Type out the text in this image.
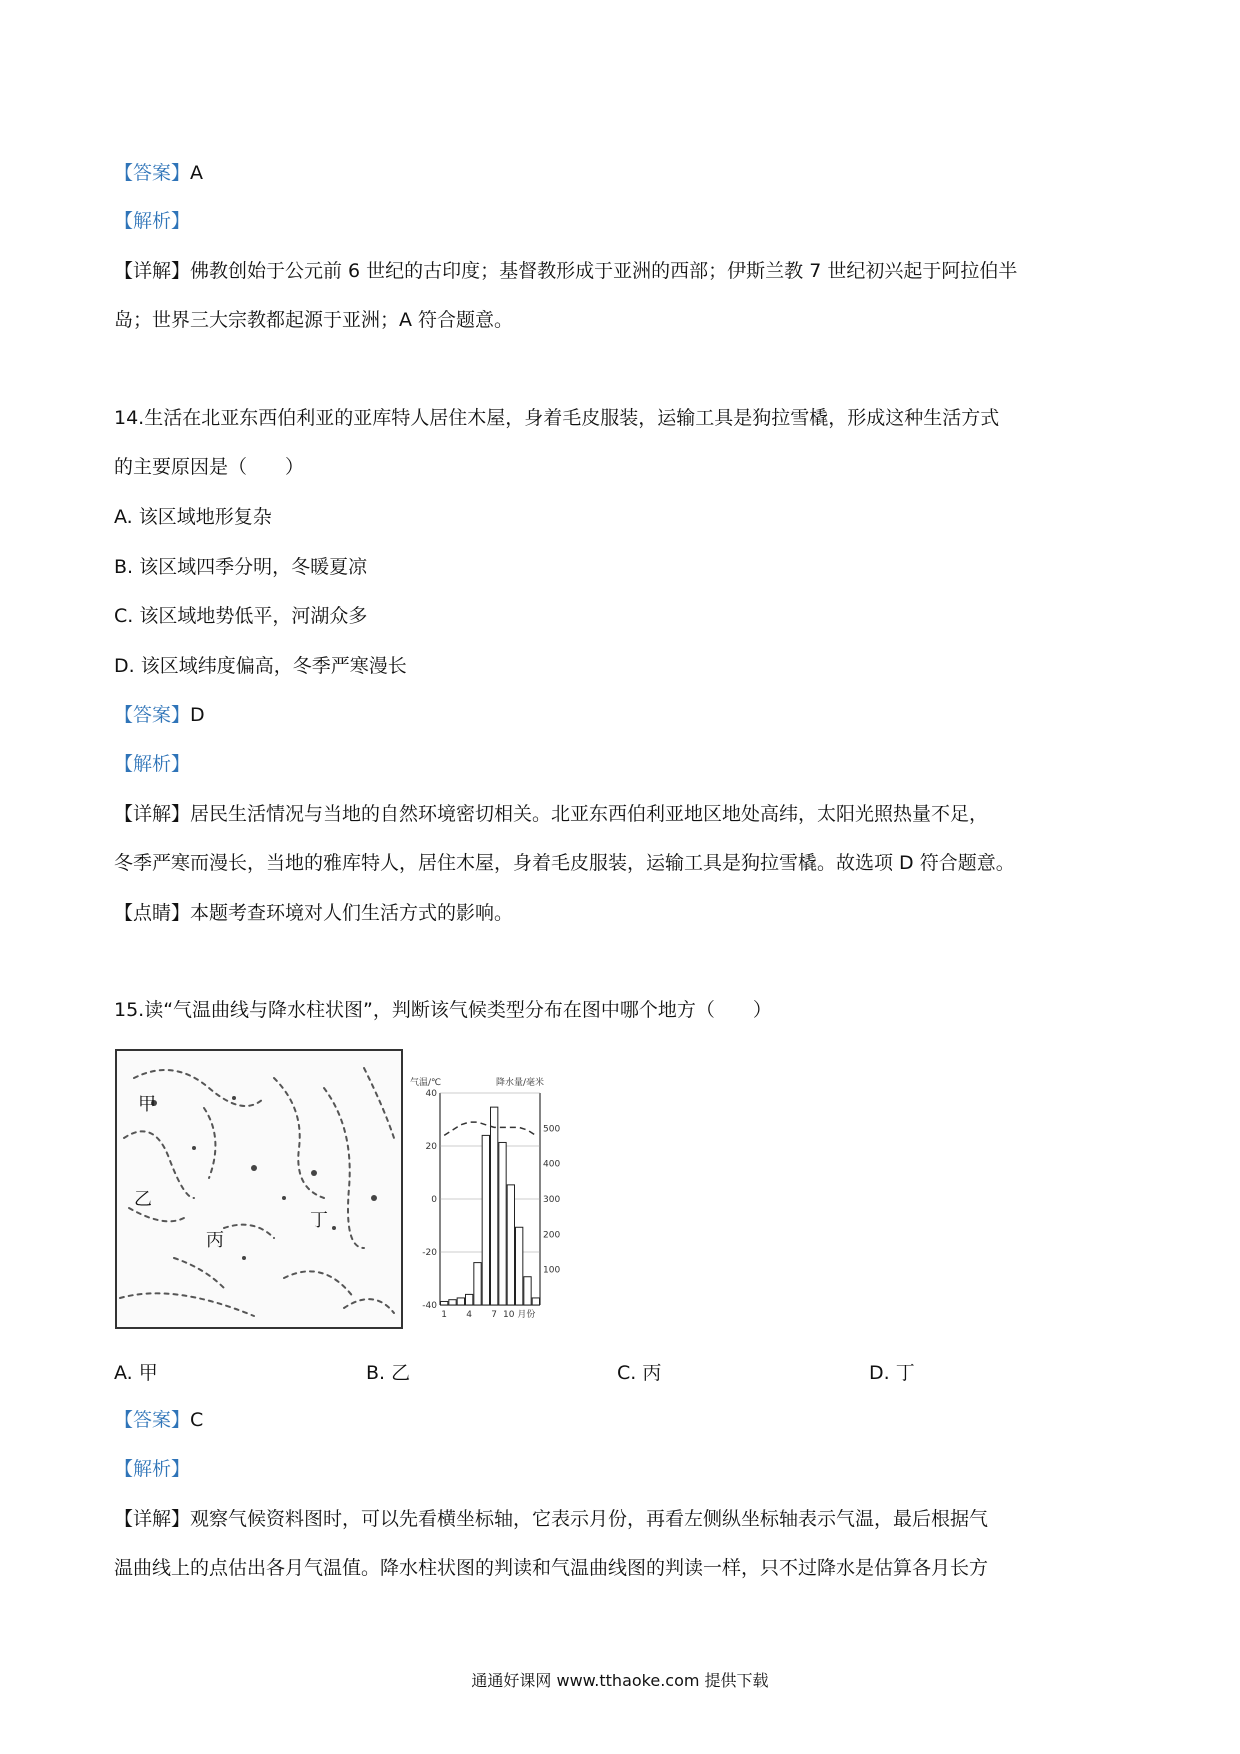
【答案】A
【解析】
【详解】佛教创始于公元前 6 世纪的古印度；基督教形成于亚洲的西部；伊斯兰教 7 世纪初兴起于阿拉伯半
岛；世界三大宗教都起源于亚洲；A 符合题意。
14.生活在北亚东西伯利亚的亚库特人居住木屋，身着毛皮服装，运输工具是狗拉雪橇，形成这种生活方式
的主要原因是（　　）
A. 该区域地形复杂
B. 该区域四季分明，冬暖夏凉
C. 该区域地势低平，河湖众多
D. 该区域纬度偏高，冬季严寒漫长
【答案】D
【解析】
【详解】居民生活情况与当地的自然环境密切相关。北亚东西伯利亚地区地处高纬，太阳光照热量不足，
冬季严寒而漫长，当地的雅库特人，居住木屋，身着毛皮服装，运输工具是狗拉雪橇。故选项 D 符合题意。
【点睛】本题考查环境对人们生活方式的影响。
15.读“气温曲线与降水柱状图”，判断该气候类型分布在图中哪个地方（　　）
甲
乙
丙
丁
气温/℃	降水量/毫米
40
20
0
-20
-40
500
400
300
200
100
1 4 7 10 月份
A. 甲	B. 乙	C. 丙	D. 丁
【答案】C
【解析】
【详解】观察气候资料图时，可以先看横坐标轴，它表示月份，再看左侧纵坐标轴表示气温，最后根据气
温曲线上的点估出各月气温值。降水柱状图的判读和气温曲线图的判读一样，只不过降水是估算各月长方
通通好课网 www.tthaoke.com 提供下载
